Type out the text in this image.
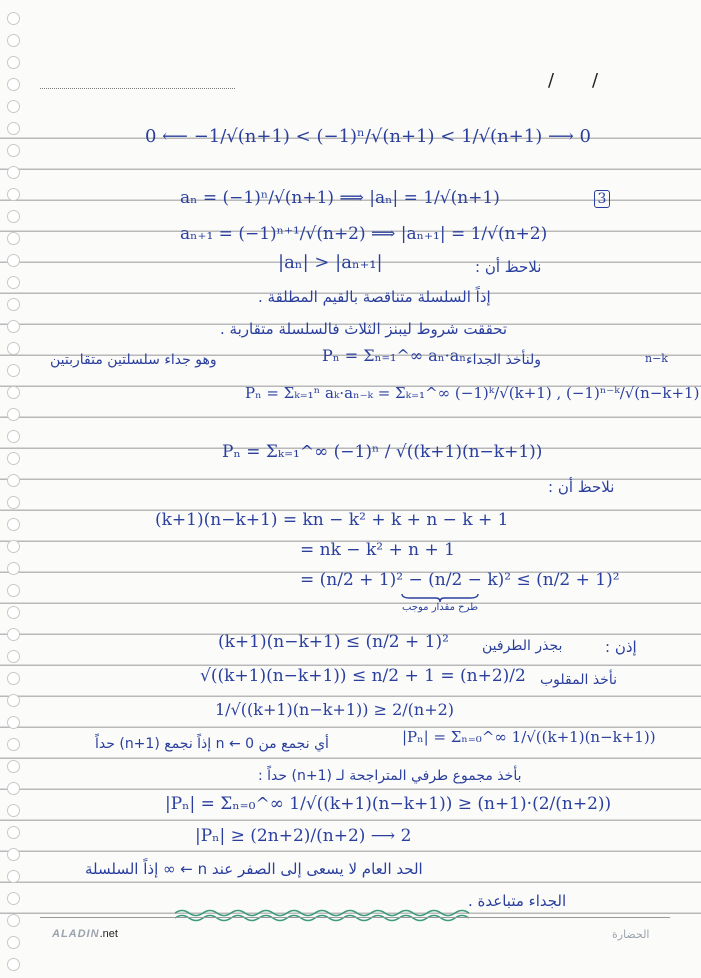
/ /
0 ⟵ −1/√(n+1) < (−1)ⁿ/√(n+1) < 1/√(n+1) ⟶ 0
aₙ = (−1)ⁿ/√(n+1) ⟹ |aₙ| = 1/√(n+1)	3
aₙ₊₁ = (−1)ⁿ⁺¹/√(n+2) ⟹ |aₙ₊₁| = 1/√(n+2)
|aₙ| > |aₙ₊₁|	نلاحظ أن :
إذاً السلسلة متناقصة بالقيم المطلقة .
تحققت شروط ليبنز الثلاث فالسلسلة متقاربة .
وهو جداء سلسلتين متقاربتين	Pₙ = Σₙ₌₁^∞ aₙ·aₙ ولنأخذ الجداء	n−k
Pₙ = Σₖ₌₁ⁿ aₖ·aₙ₋ₖ = Σₖ₌₁^∞ (−1)ᵏ/√(k+1) , (−1)ⁿ⁻ᵏ/√(n−k+1)
Pₙ = Σₖ₌₁^∞ (−1)ⁿ / √((k+1)(n−k+1))
نلاحظ أن :
(k+1)(n−k+1) = kn − k² + k + n − k + 1
= nk − k² + n + 1
= (n/2 + 1)² − (n/2 − k)² ≤ (n/2 + 1)²
طرح مقدار موجب
إذن :
(k+1)(n−k+1) ≤ (n/2 + 1)² بجذر الطرفين
√((k+1)(n−k+1)) ≤ n/2 + 1 = (n+2)/2 نأخذ المقلوب
1/√((k+1)(n−k+1)) ≥ 2/(n+2)
أي نجمع من 0 ← n إذاً نجمع (n+1) حداً	|Pₙ| = Σₙ₌₀^∞ 1/√((k+1)(n−k+1))
بأخذ مجموع طرفي المتراجحة لـ (n+1) حداً :
|Pₙ| = Σₙ₌₀^∞ 1/√((k+1)(n−k+1)) ≥ (n+1)·(2/(n+2))
|Pₙ| ≥ (2n+2)/(n+2) ⟶ 2
الحد العام لا يسعى إلى الصفر عند n ← ∞ إذاً السلسلة
الجداء متباعدة .
ALADIN.net	الحضارة
